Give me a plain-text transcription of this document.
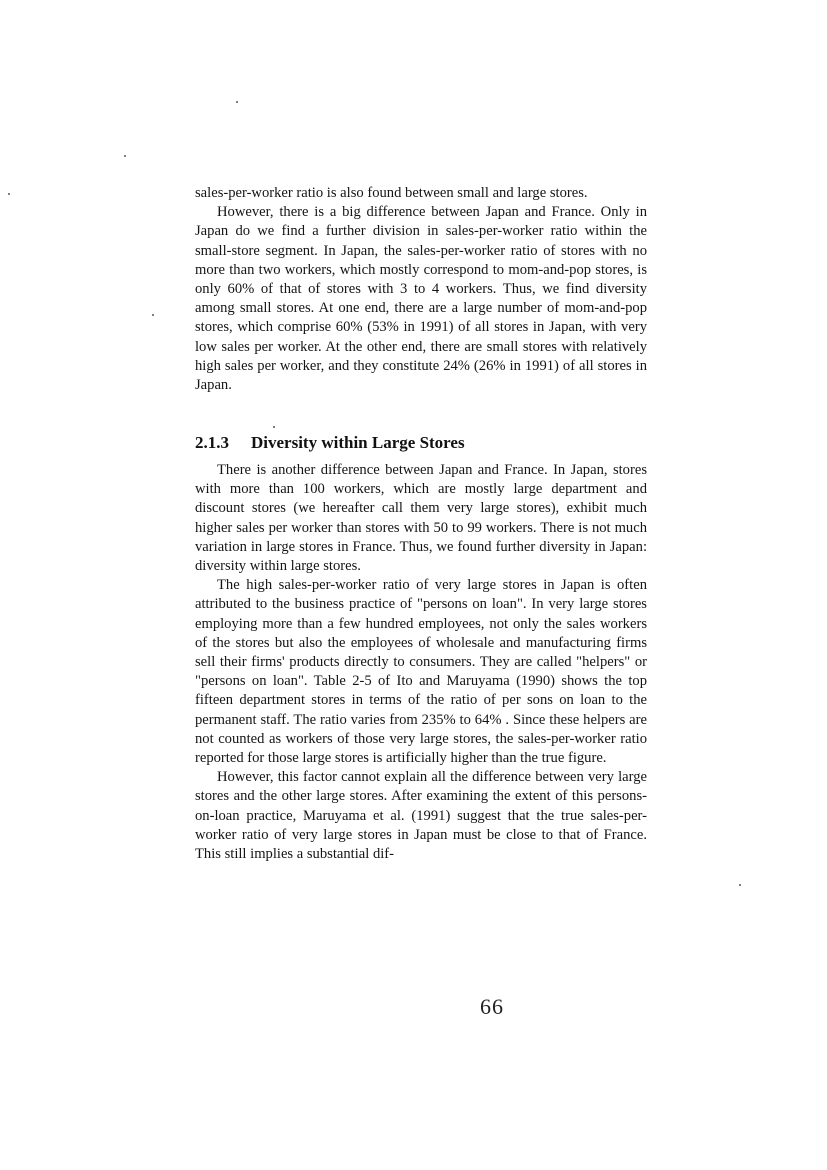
sales-per-worker ratio is also found between small and large stores.

However, there is a big difference between Japan and France. Only in Japan do we find a further division in sales-per-worker ratio within the small-store segment. In Japan, the sales-per-worker ratio of stores with no more than two workers, which mostly correspond to mom-and-pop stores, is only 60% of that of stores with 3 to 4 workers. Thus, we find diversity among small stores. At one end, there are a large number of mom-and-pop stores, which comprise 60% (53% in 1991) of all stores in Japan, with very low sales per worker. At the other end, there are small stores with relatively high sales per worker, and they constitute 24% (26% in 1991) of all stores in Japan.

2.1.3 Diversity within Large Stores

There is another difference between Japan and France. In Japan, stores with more than 100 workers, which are mostly large department and discount stores (we hereafter call them very large stores), exhibit much higher sales per worker than stores with 50 to 99 workers. There is not much variation in large stores in France. Thus, we found further diversity in Japan: diversity within large stores.

The high sales-per-worker ratio of very large stores in Japan is often attributed to the business practice of "persons on loan". In very large stores employing more than a few hundred employees, not only the sales workers of the stores but also the employees of wholesale and manufacturing firms sell their firms' products directly to consumers. They are called "helpers" or "persons on loan". Table 2-5 of Ito and Maruyama (1990) shows the top fifteen department stores in terms of the ratio of per sons on loan to the permanent staff. The ratio varies from 235% to 64% . Since these helpers are not counted as workers of those very large stores, the sales-per-worker ratio reported for those large stores is artificially higher than the true figure.

However, this factor cannot explain all the difference between very large stores and the other large stores. After examining the extent of this persons-on-loan practice, Maruyama et al. (1991) suggest that the true sales-per-worker ratio of very large stores in Japan must be close to that of France. This still implies a substantial dif-

66
